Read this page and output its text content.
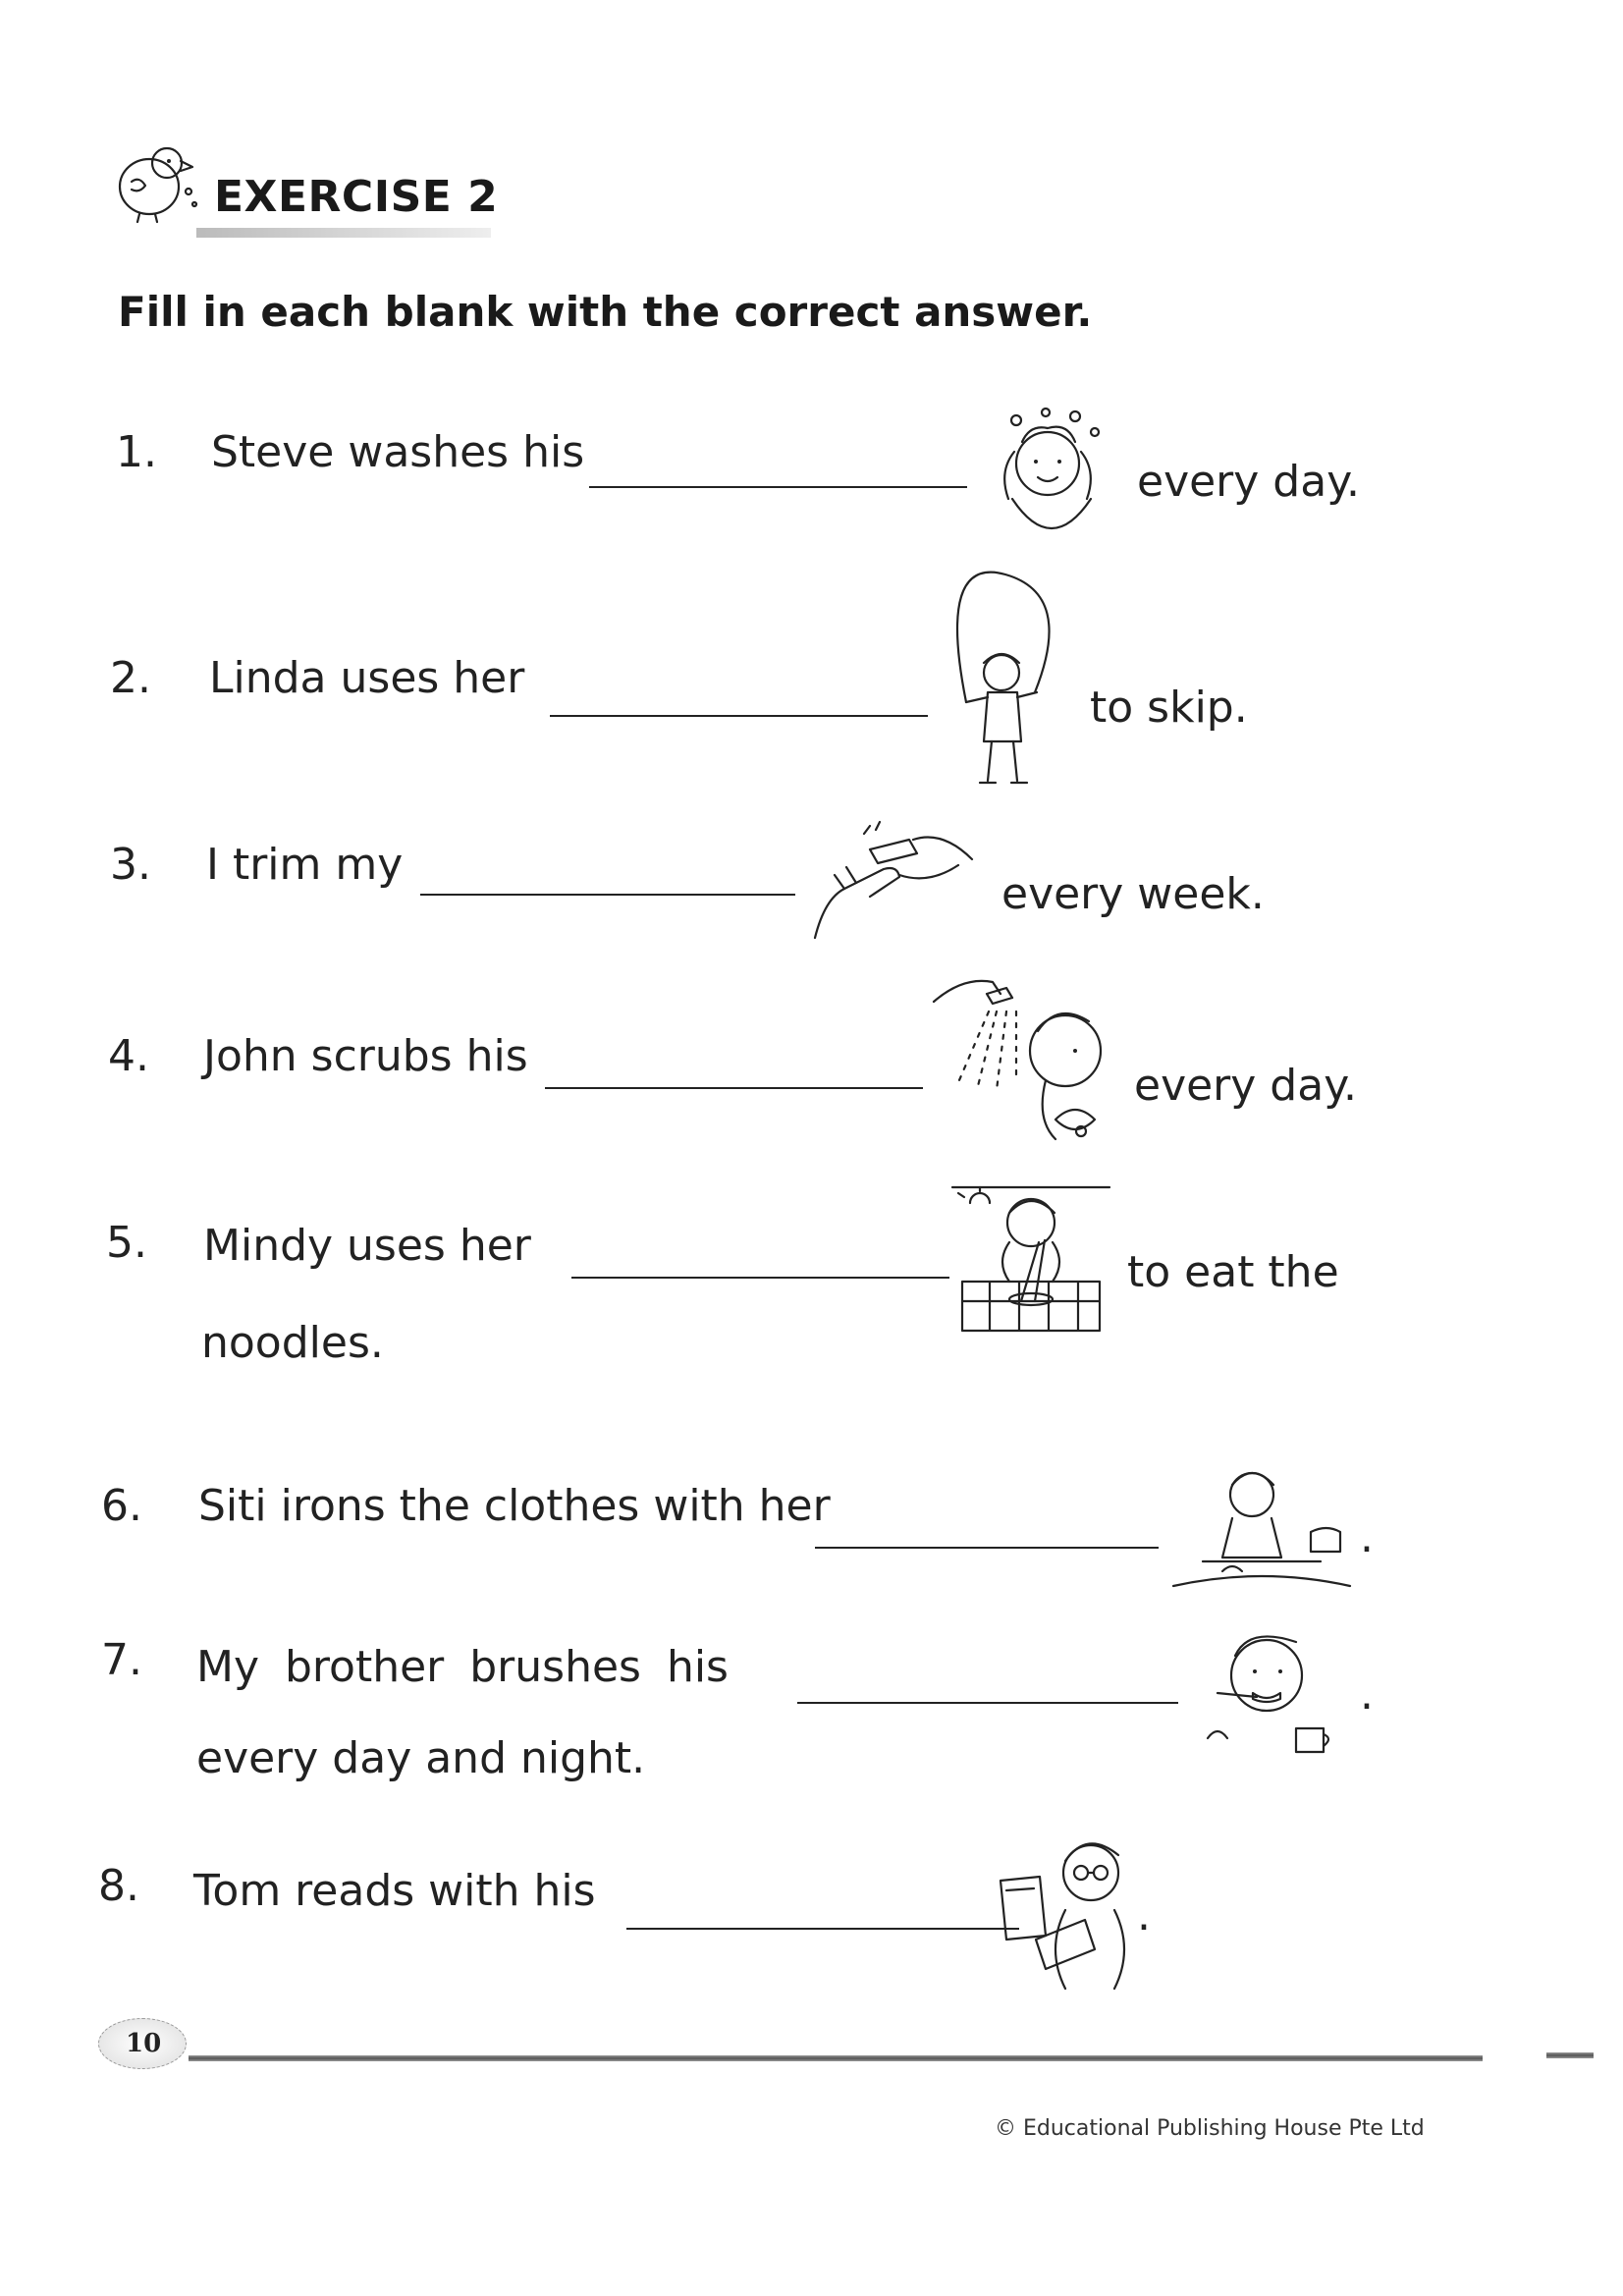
EXERCISE 2
Fill in each blank with the correct answer.
1. Steve washes his
every day.
2. Linda uses her
to skip.
3. I trim my
every week.
4. John scrubs his
every day.
5. Mindy uses her
to eat the
noodles.
6. Siti irons the clothes with her
.
7. My brother brushes his
.
every day and night.
8. Tom reads with his	.
10
© Educational Publishing House Pte Ltd
